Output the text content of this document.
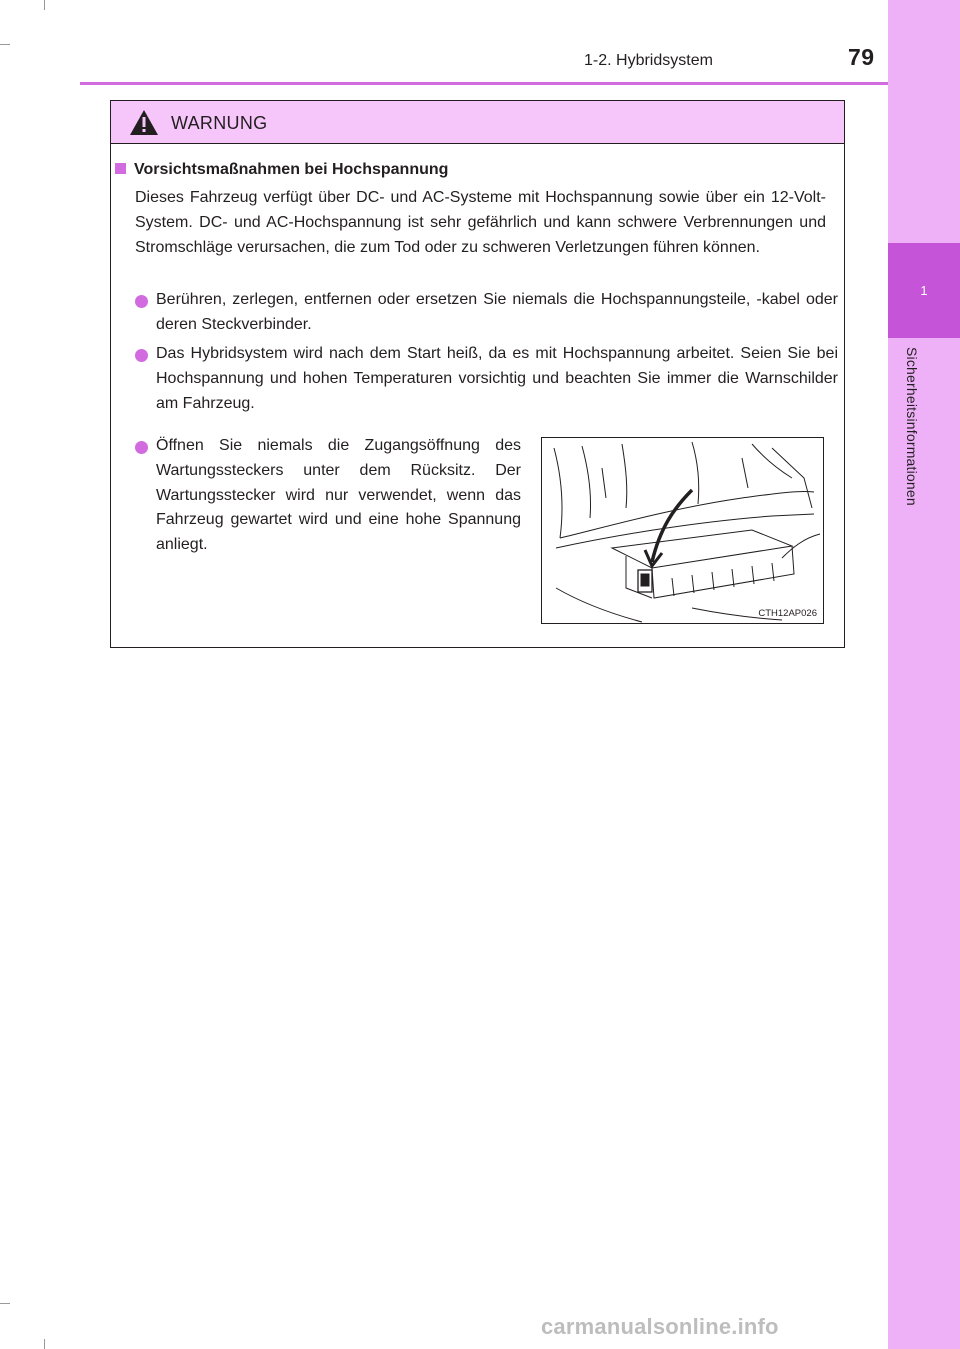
1-2. Hybridsystem	79
1
Sicherheitsinformationen
WARNUNG
Vorsichtsmaßnahmen bei Hochspannung
Dieses Fahrzeug verfügt über DC- und AC-Systeme mit Hochspannung sowie über ein 12-Volt-System. DC- und AC-Hochspannung ist sehr gefährlich und kann schwere Verbrennungen und Stromschläge verursachen, die zum Tod oder zu schweren Verletzungen führen können.
Berühren, zerlegen, entfernen oder ersetzen Sie niemals die Hochspannungsteile, -kabel oder deren Steckverbinder.
Das Hybridsystem wird nach dem Start heiß, da es mit Hochspannung arbeitet. Seien Sie bei Hochspannung und hohen Temperaturen vorsichtig und beachten Sie immer die Warnschilder am Fahrzeug.
Öffnen Sie niemals die Zugangsöffnung des Wartungssteckers unter dem Rücksitz. Der Wartungsstecker wird nur verwendet, wenn das Fahrzeug gewartet wird und eine hohe Spannung anliegt.
CTH12AP026
carmanualsonline.info
